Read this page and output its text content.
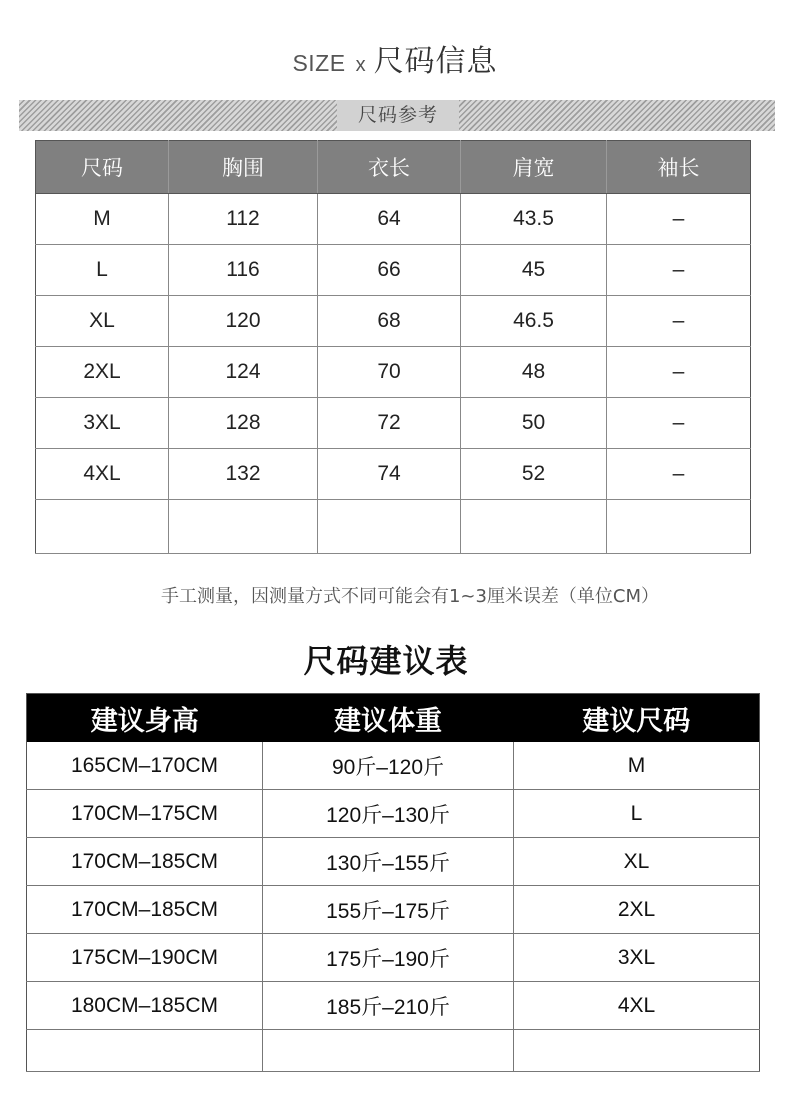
SIZE x 尺码信息
尺码参考
尺码	胸围	衣长	肩宽	袖长
M	112	64	43.5	–
L	116	66	45	–
XL	120	68	46.5	–
2XL	124	70	48	–
3XL	128	72	50	–
4XL	132	74	52	–

手工测量，因测量方式不同可能会有1~3厘米误差（单位CM）
尺码建议表
建议身高	建议体重	建议尺码
165CM–170CM	90斤–120斤	M
170CM–175CM	120斤–130斤	L
170CM–185CM	130斤–155斤	XL
170CM–185CM	155斤–175斤	2XL
175CM–190CM	175斤–190斤	3XL
180CM–185CM	185斤–210斤	4XL
